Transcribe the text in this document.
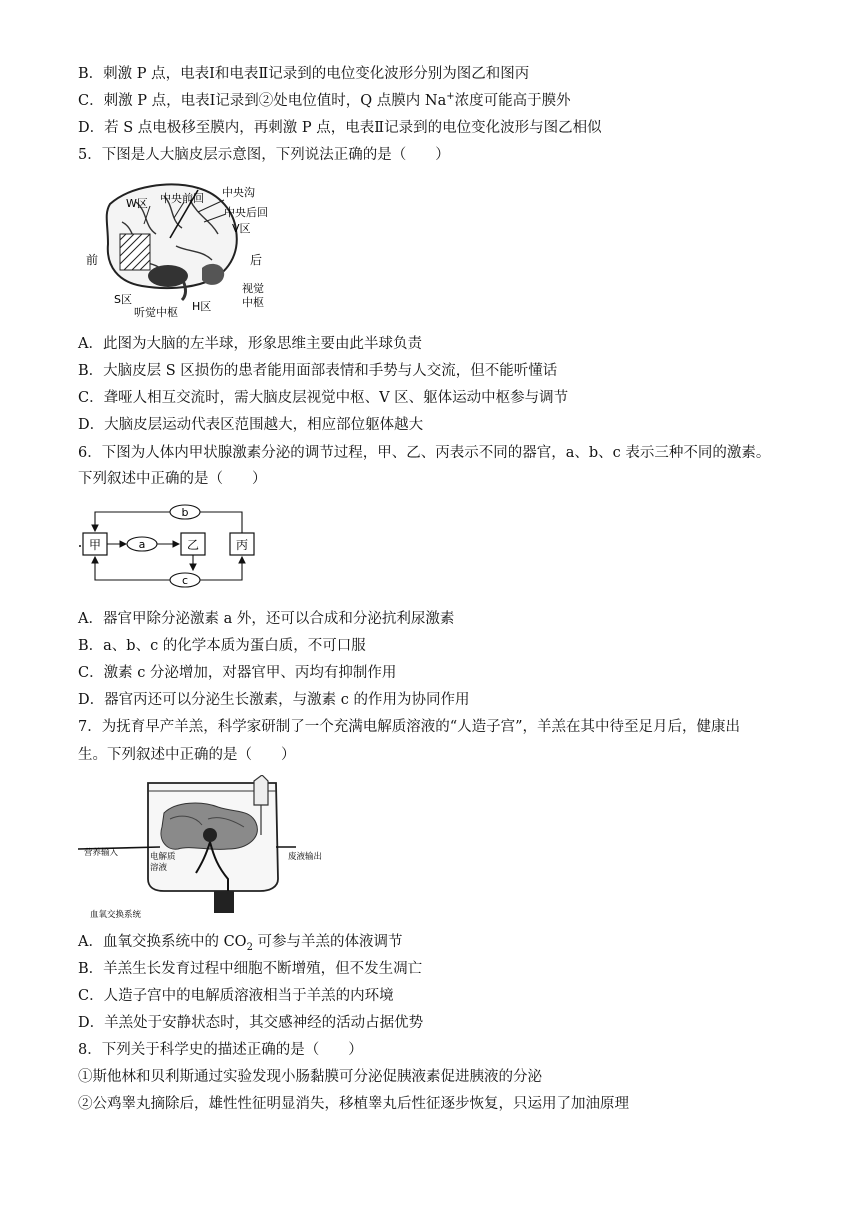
B．刺激 P 点，电表Ⅰ和电表Ⅱ记录到的电位变化波形分别为图乙和图丙
C．刺激 P 点，电表Ⅰ记录到②处电位值时，Q 点膜内 Na+浓度可能高于膜外
D．若 S 点电极移至膜内，再刺激 P 点，电表Ⅱ记录到的电位变化波形与图乙相似
5．下图是人大脑皮层示意图，下列说法正确的是（　　）
W区 中央前回 中央沟
中央后回
V区
前	后
S区
听觉中枢 H区
视觉
中枢
A．此图为大脑的左半球，形象思维主要由此半球负责
B．大脑皮层 S 区损伤的患者能用面部表情和手势与人交流，但不能听懂话
C．聋哑人相互交流时，需大脑皮层视觉中枢、V 区、躯体运动中枢参与调节
D．大脑皮层运动代表区范围越大，相应部位躯体越大
6．下图为人体内甲状腺激素分泌的调节过程，甲、乙、丙表示不同的器官，a、b、c 表示三种不同的激素。
下列叙述中正确的是（　　）
甲	乙	丙
a
b
c
A．器官甲除分泌激素 a 外，还可以合成和分泌抗利尿激素
B．a、b、c 的化学本质为蛋白质，不可口服
C．激素 c 分泌增加，对器官甲、丙均有抑制作用
D．器官丙还可以分泌生长激素，与激素 c 的作用为协同作用
7．为抚育早产羊羔，科学家研制了一个充满电解质溶液的“人造子宫”，羊羔在其中待至足月后，健康出
生。下列叙述中正确的是（　　）
营养输入	电解质
溶液
废液输出
血氧交换系统
A．血氧交换系统中的 $CO_2$ 可参与羊羔的体液调节
B．羊羔生长发育过程中细胞不断增殖，但不发生凋亡
C．人造子宫中的电解质溶液相当于羊羔的内环境
D．羊羔处于安静状态时，其交感神经的活动占据优势
8．下列关于科学史的描述正确的是（　　）
①斯他林和贝利斯通过实验发现小肠黏膜可分泌促胰液素促进胰液的分泌
②公鸡睾丸摘除后，雄性性征明显消失，移植睾丸后性征逐步恢复，只运用了加油原理
